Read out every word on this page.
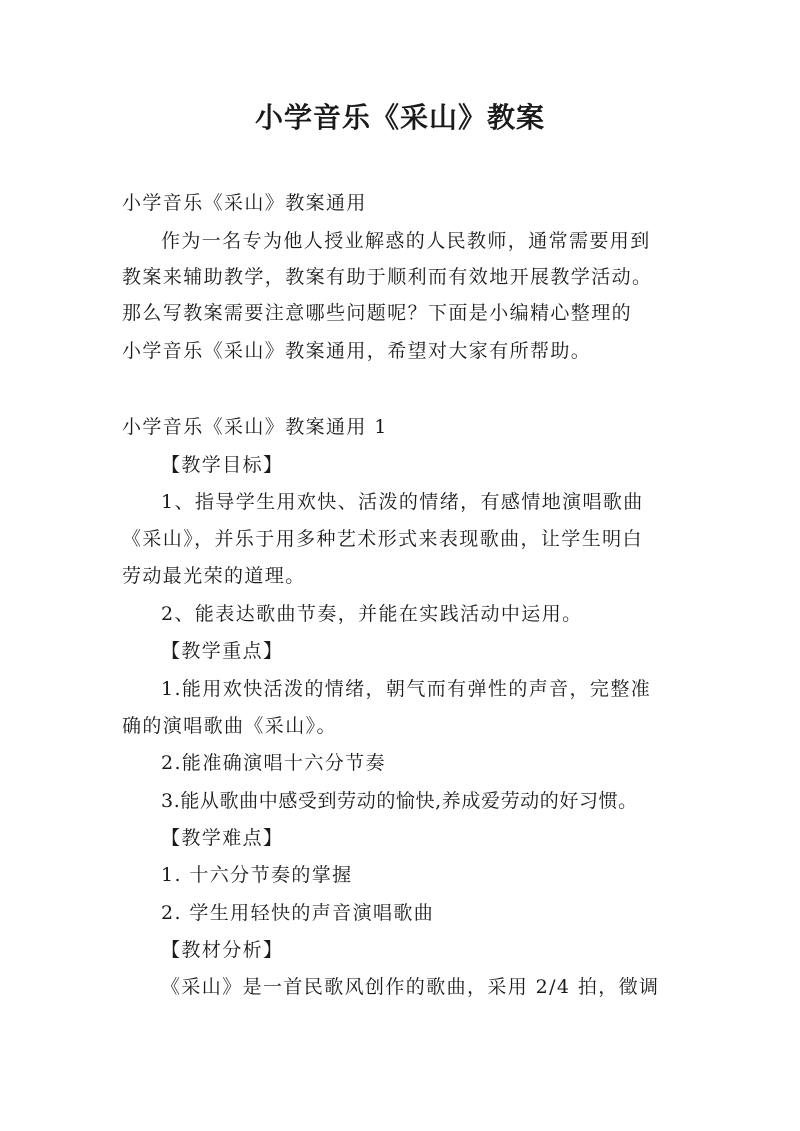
小学音乐《采山》教案
小学音乐《采山》教案通用
作为一名专为他人授业解惑的人民教师，通常需要用到
教案来辅助教学，教案有助于顺利而有效地开展教学活动。
那么写教案需要注意哪些问题呢？下面是小编精心整理的
小学音乐《采山》教案通用，希望对大家有所帮助。
小学音乐《采山》教案通用 1
【教学目标】
1、指导学生用欢快、活泼的情绪，有感情地演唱歌曲
《采山》，并乐于用多种艺术形式来表现歌曲，让学生明白
劳动最光荣的道理。
2、能表达歌曲节奏，并能在实践活动中运用。
【教学重点】
1.能用欢快活泼的情绪，朝气而有弹性的声音，完整准
确的演唱歌曲《采山》。
2.能准确演唱十六分节奏
3.能从歌曲中感受到劳动的愉快,养成爱劳动的好习惯。
【教学难点】
1. 十六分节奏的掌握
2. 学生用轻快的声音演唱歌曲
【教材分析】
《采山》是一首民歌风创作的歌曲，采用 2/4 拍，徵调
